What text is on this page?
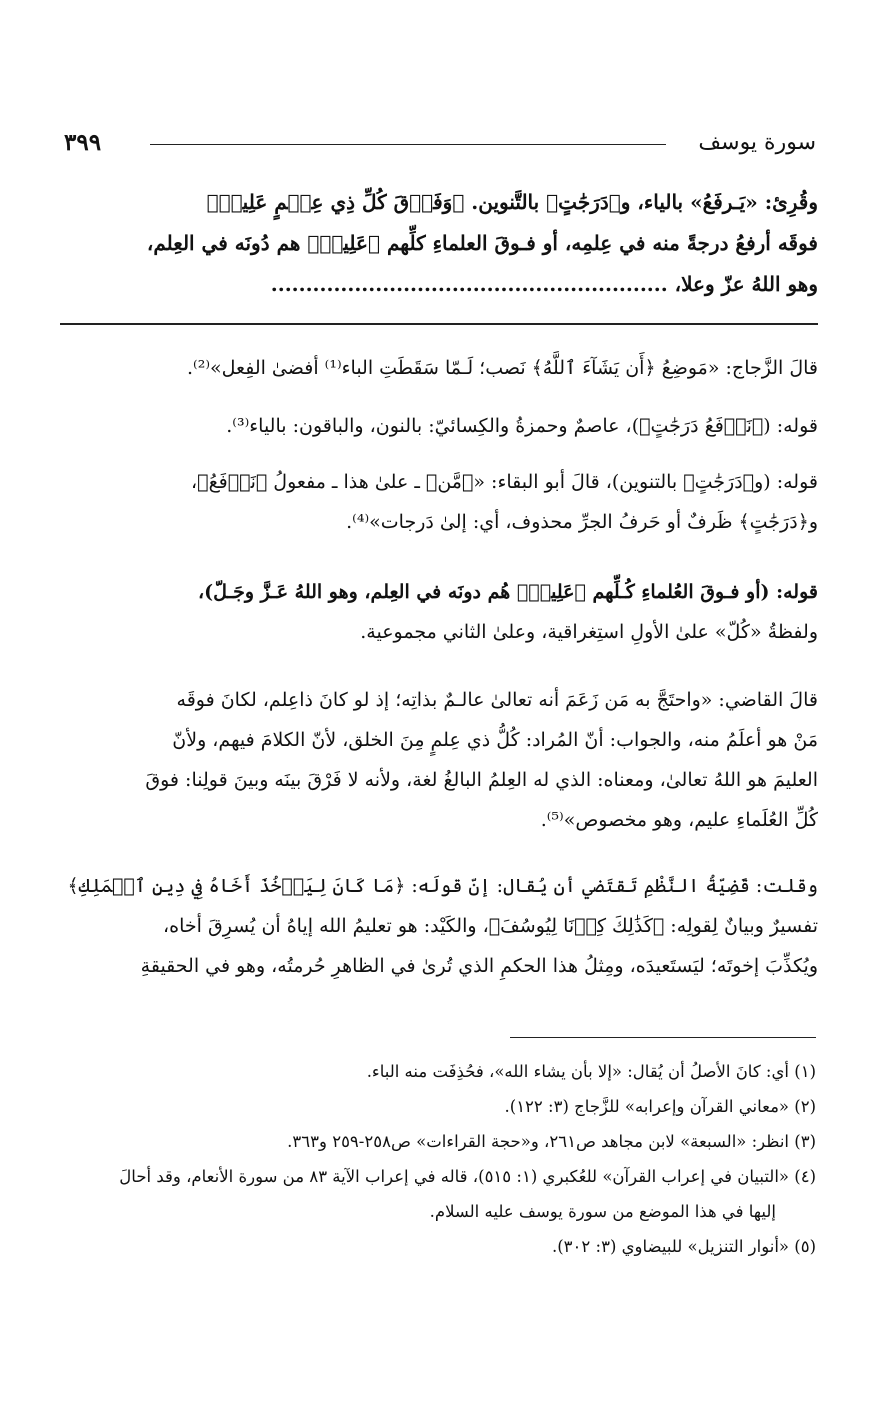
سورة يوسف
٣٩٩
وقُرِئ: «يَـرفَعُ» بالياء، و﴿دَرَجَٰتٍ﴾ بالتَّنوين. ﴿وَفَوۡقَ كُلِّ ذِي عِلۡمٍ عَلِيمٞ﴾
فوقَه أرفعُ درجةً منه في عِلمِه، أو فـوقَ العلماءِ كلِّهم ﴿عَلِيمٞ﴾ هم دُونَه في العِلم،
وهو اللهُ عزّ وعلا، .........................................................
قالَ الزَّجاج: «مَوضِعُ ﴿أَن يَشَآءَ ٱللَّهُ﴾ نَصب؛ لَـمّا سَقَطَتِ الباء⁽¹⁾ أفضىٰ الفِعل»⁽²⁾.
قوله: (﴿نَرۡفَعُ دَرَجَٰتٍ﴾)، عاصمٌ وحمزةُ والكِسائيّ: بالنون، والباقون: بالياء⁽³⁾.
قوله: (و﴿دَرَجَٰتٍ﴾ بالتنوين)، قالَ أبو البقاء: «﴿مَّن﴾ ـ علىٰ هذا ـ مفعولُ ﴿نَرۡفَعُ﴾،
و﴿دَرَجَٰتٍ﴾ ظَرفٌ أو حَرفُ الجرِّ محذوف، أي: إلىٰ دَرجات»⁽⁴⁾.
قوله: (أو فـوقَ العُلماءِ كُـلِّهم ﴿عَلِيمٞ﴾ هُم دونَه في العِلم، وهو اللهُ عَـزَّ وجَـلّ)،
ولفظةُ «كُلّ» علىٰ الأولِ استِغراقية، وعلىٰ الثاني مجموعية.
قالَ القاضي: «واحتَجَّ به مَن زَعَمَ أنه تعالىٰ عالـمٌ بذاتِه؛ إذ لو كانَ ذاعِلم، لكانَ فوقَه
مَنْ هو أعلَمُ منه، والجواب: أنّ المُراد: كُلُّ ذي عِلمٍ مِنَ الخلق، لأنّ الكلامَ فيهم، ولأنّ
العليمَ هو اللهُ تعالىٰ، ومعناه: الذي له العِلمُ البالغُ لغة، ولأنه لا فَرْقَ بينَه وبينَ قولِنا: فوقَ
كُلِّ العُلَماءِ عليم، وهو مخصوص»⁽⁵⁾.
وقلت: قَضِيّةُ النَّظْمِ تَقتَضي أن يُقال: إنّ قولَه: ﴿مَا كَانَ لِيَأۡخُذَ أَخَاهُ فِي دِينِ ٱلۡمَلِكِ﴾
تفسيرٌ وبيانٌ لِقولِه: ﴿كَذَٰلِكَ كِدۡنَا لِيُوسُفَ﴾، والكَيْد: هو تعليمُ الله إياهُ أن يُسرِقَ أخاه،
ويُكذِّبَ إخوتَه؛ ليَستَعيدَه، ومِثلُ هذا الحكمِ الذي تُرىٰ في الظاهرِ حُرمتُه، وهو في الحقيقةِ
(١) أي: كانَ الأصلُ أن يُقال: «إلا بأن يشاء الله»، فحُذِفَت منه الباء.
(٢) «معاني القرآن وإعرابه» للزَّجاج (٣: ١٢٢).
(٣) انظر: «السبعة» لابن مجاهد ص٢٦١، و«حجة القراءات» ص٢٥٨-٢٥٩ و٣٦٣.
(٤) «التبيان في إعراب القرآن» للعُكبري (١: ٥١٥)، قاله في إعراب الآية ٨٣ من سورة الأنعام، وقد أحالَ
إليها في هذا الموضع من سورة يوسف عليه السلام.
(٥) «أنوار التنزيل» للبيضاوي (٣: ٣٠٢).
